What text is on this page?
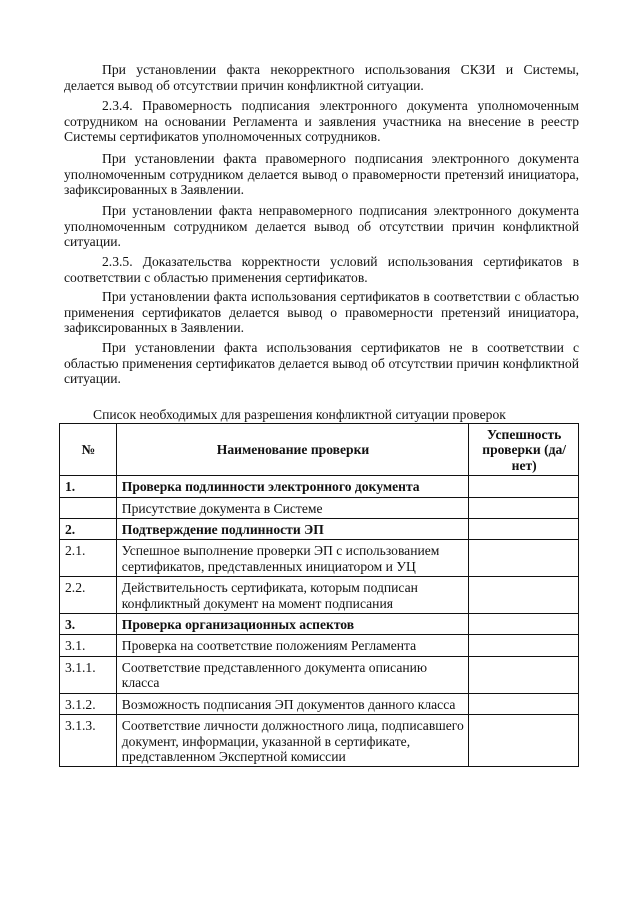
При установлении факта некорректного использования СКЗИ и Системы, делается вывод об отсутствии причин конфликтной ситуации.

2.3.4. Правомерность подписания электронного документа уполномоченным сотрудником на основании Регламента и заявления участника на внесение в реестр Системы сертификатов уполномоченных сотрудников.

При установлении факта правомерного подписания электронного документа уполномоченным сотрудником делается вывод о правомерности претензий инициатора, зафиксированных в Заявлении.

При установлении факта неправомерного подписания электронного документа уполномоченным сотрудником делается вывод об отсутствии причин конфликтной ситуации.

2.3.5. Доказательства корректности условий использования сертификатов в соответствии с областью применения сертификатов.

При установлении факта использования сертификатов в соответствии с областью применения сертификатов делается вывод о правомерности претензий инициатора, зафиксированных в Заявлении.

При установлении факта использования сертификатов не в соответствии с областью применения сертификатов делается вывод об отсутствии причин конфликтной ситуации.

Список необходимых для разрешения конфликтной ситуации проверок

№	Наименование проверки	Успешность проверки (да/нет)
1.	Проверка подлинности электронного документа	
	Присутствие документа в Системе	
2.	Подтверждение подлинности ЭП	
2.1.	Успешное выполнение проверки ЭП с использованием сертификатов, представленных инициатором и УЦ	
2.2.	Действительность сертификата, которым подписан конфликтный документ на момент подписания	
3.	Проверка организационных аспектов	
3.1.	Проверка на соответствие положениям Регламента	
3.1.1.	Соответствие представленного документа описанию класса	
3.1.2.	Возможность подписания ЭП документов данного класса	
3.1.3.	Соответствие личности должностного лица, подписавшего документ, информации, указанной в сертификате, представленном Экспертной комиссии	
